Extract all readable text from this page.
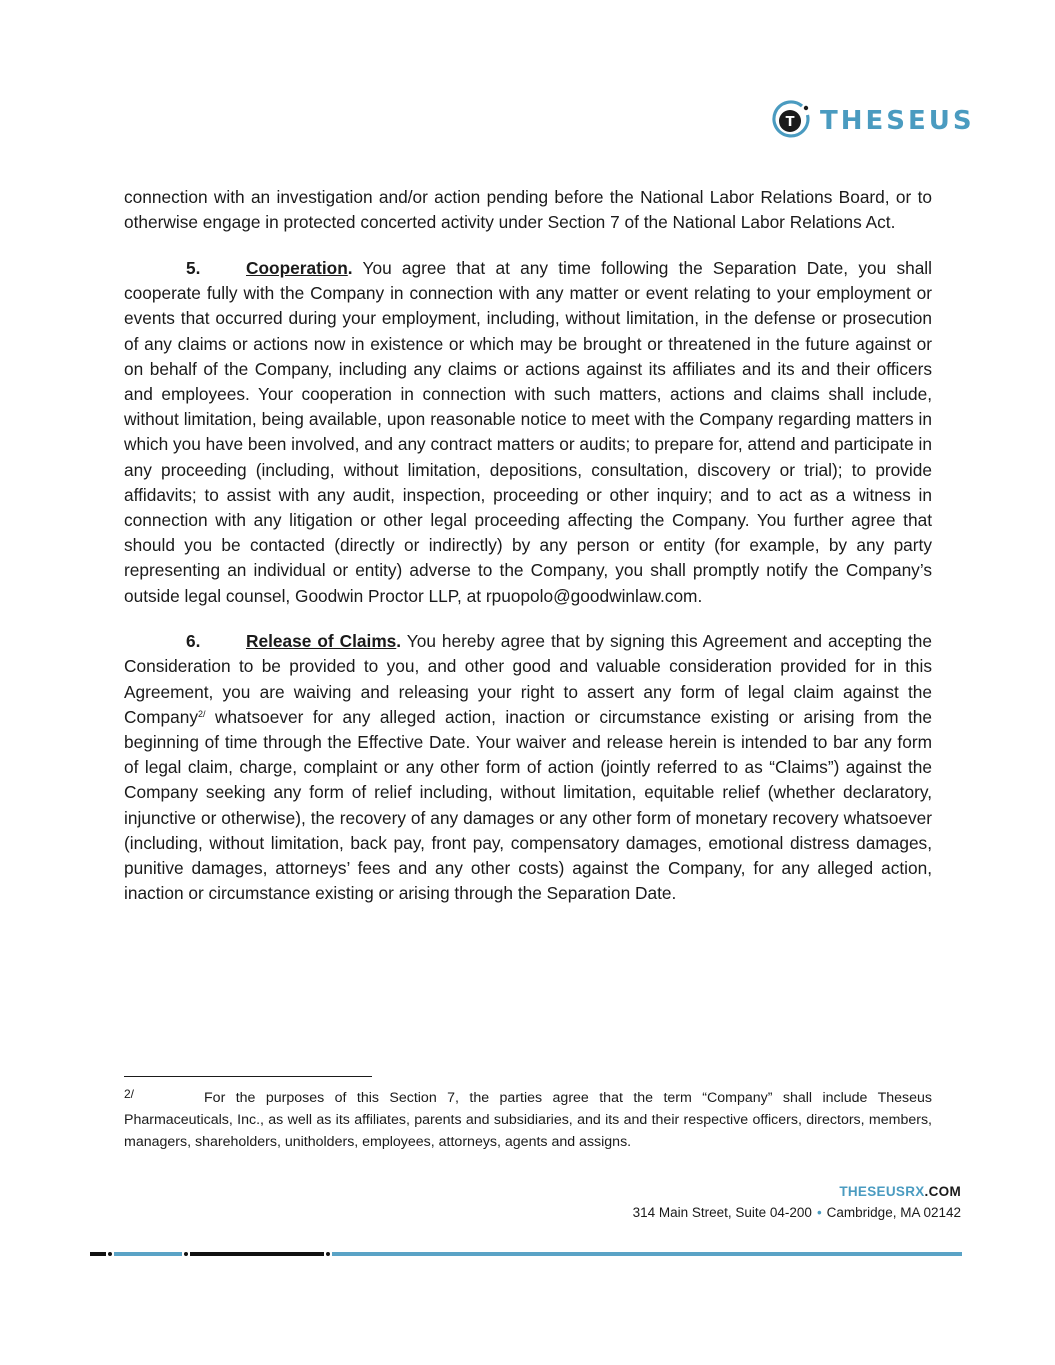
T THESEUS

connection with an investigation and/or action pending before the National Labor Relations Board, or to otherwise engage in protected concerted activity under Section 7 of the National Labor Relations Act.

5.	Cooperation. You agree that at any time following the Separation Date, you shall cooperate fully with the Company in connection with any matter or event relating to your employment or events that occurred during your employment, including, without limitation, in the defense or prosecution of any claims or actions now in existence or which may be brought or threatened in the future against or on behalf of the Company, including any claims or actions against its affiliates and its and their officers and employees. Your cooperation in connection with such matters, actions and claims shall include, without limitation, being available, upon reasonable notice to meet with the Company regarding matters in which you have been involved, and any contract matters or audits; to prepare for, attend and participate in any proceeding (including, without limitation, depositions, consultation, discovery or trial); to provide affidavits; to assist with any audit, inspection, proceeding or other inquiry; and to act as a witness in connection with any litigation or other legal proceeding affecting the Company. You further agree that should you be contacted (directly or indirectly) by any person or entity (for example, by any party representing an individual or entity) adverse to the Company, you shall promptly notify the Company’s outside legal counsel, Goodwin Proctor LLP, at rpuopolo@goodwinlaw.com.

6.	Release of Claims. You hereby agree that by signing this Agreement and accepting the Consideration to be provided to you, and other good and valuable consideration provided for in this Agreement, you are waiving and releasing your right to assert any form of legal claim against the Company$^{2/}$ whatsoever for any alleged action, inaction or circumstance existing or arising from the beginning of time through the Effective Date. Your waiver and release herein is intended to bar any form of legal claim, charge, complaint or any other form of action (jointly referred to as “Claims”) against the Company seeking any form of relief including, without limitation, equitable relief (whether declaratory, injunctive or otherwise), the recovery of any damages or any other form of monetary recovery whatsoever (including, without limitation, back pay, front pay, compensatory damages, emotional distress damages, punitive damages, attorneys’ fees and any other costs) against the Company, for any alleged action, inaction or circumstance existing or arising through the Separation Date.

$^{2/}$	For the purposes of this Section 7, the parties agree that the term “Company” shall include Theseus Pharmaceuticals, Inc., as well as its affiliates, parents and subsidiaries, and its and their respective officers, directors, members, managers, shareholders, unitholders, employees, attorneys, agents and assigns.
THESEUSRX.COM
314 Main Street, Suite 04-200 • Cambridge, MA 02142
